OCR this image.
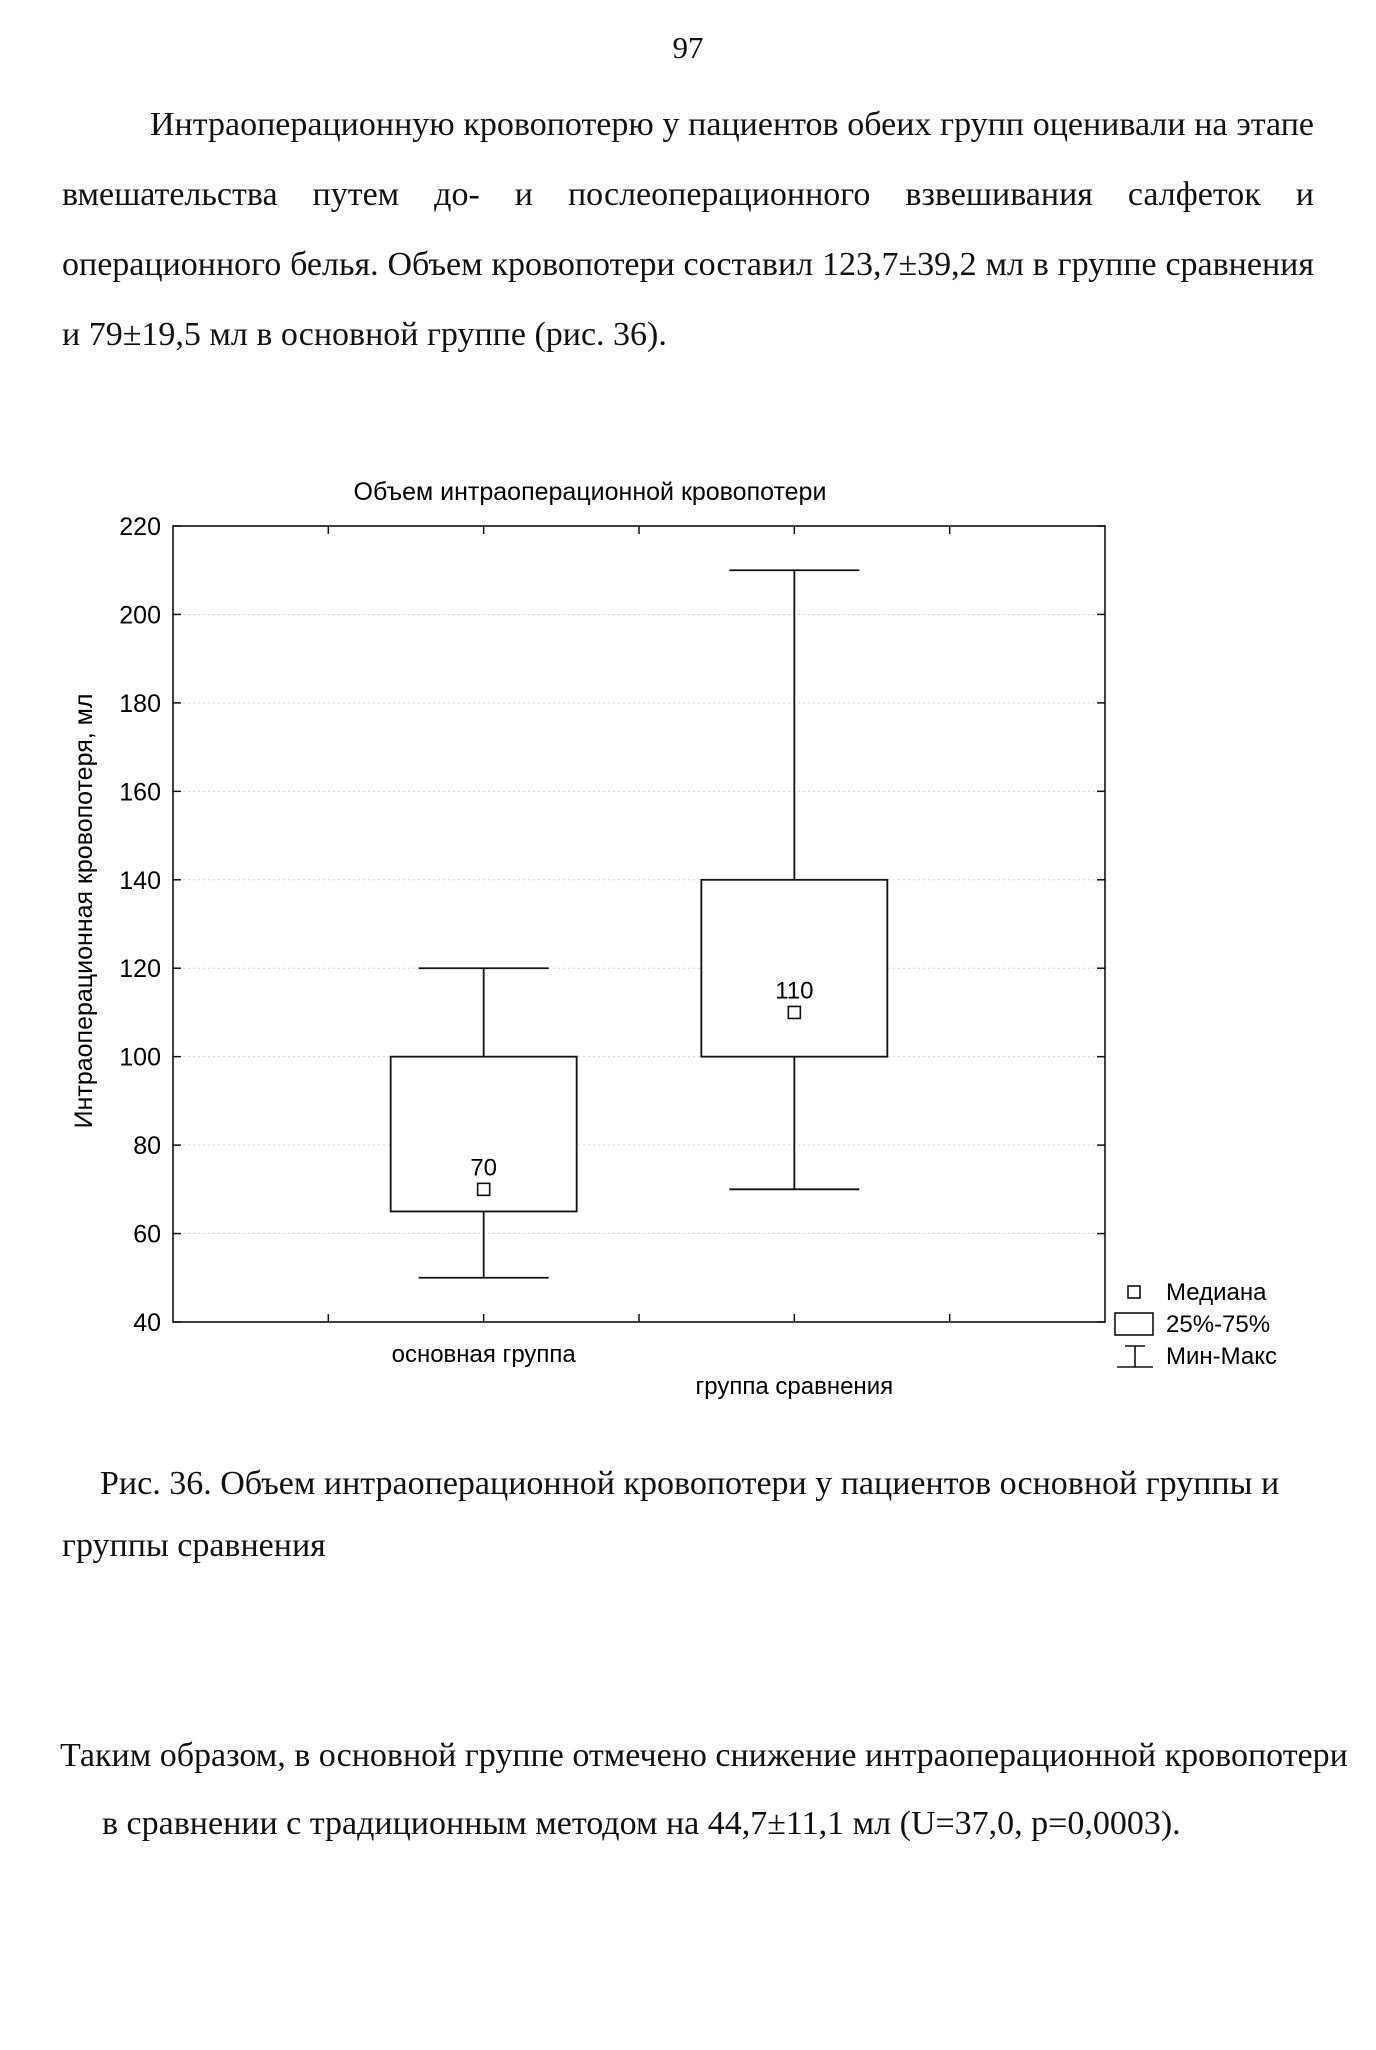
97
Интраоперационную кровопотерю у пациентов обеих групп оценивали на этапе вмешательства путем до- и послеоперационного взвешивания салфеток и операционного белья. Объем кровопотери составил 123,7±39,2 мл в группе сравнения и 79±19,5 мл в основной группе (рис. 36).
Объем интраоперационной кровопотери
Интраоперационная кровопотеря, мл
40
60
80
100
120
140
160
180
200
220
70
110
основная группа
группа сравнения
Медиана
25%-75%
Мин-Макс
Рис. 36. Объем интраоперационной кровопотери у пациентов основной группы и группы сравнения
Таким образом, в основной группе отмечено снижение интраоперационной кровопотери в сравнении с традиционным методом на 44,7±11,1 мл (U=37,0, p=0,0003).
